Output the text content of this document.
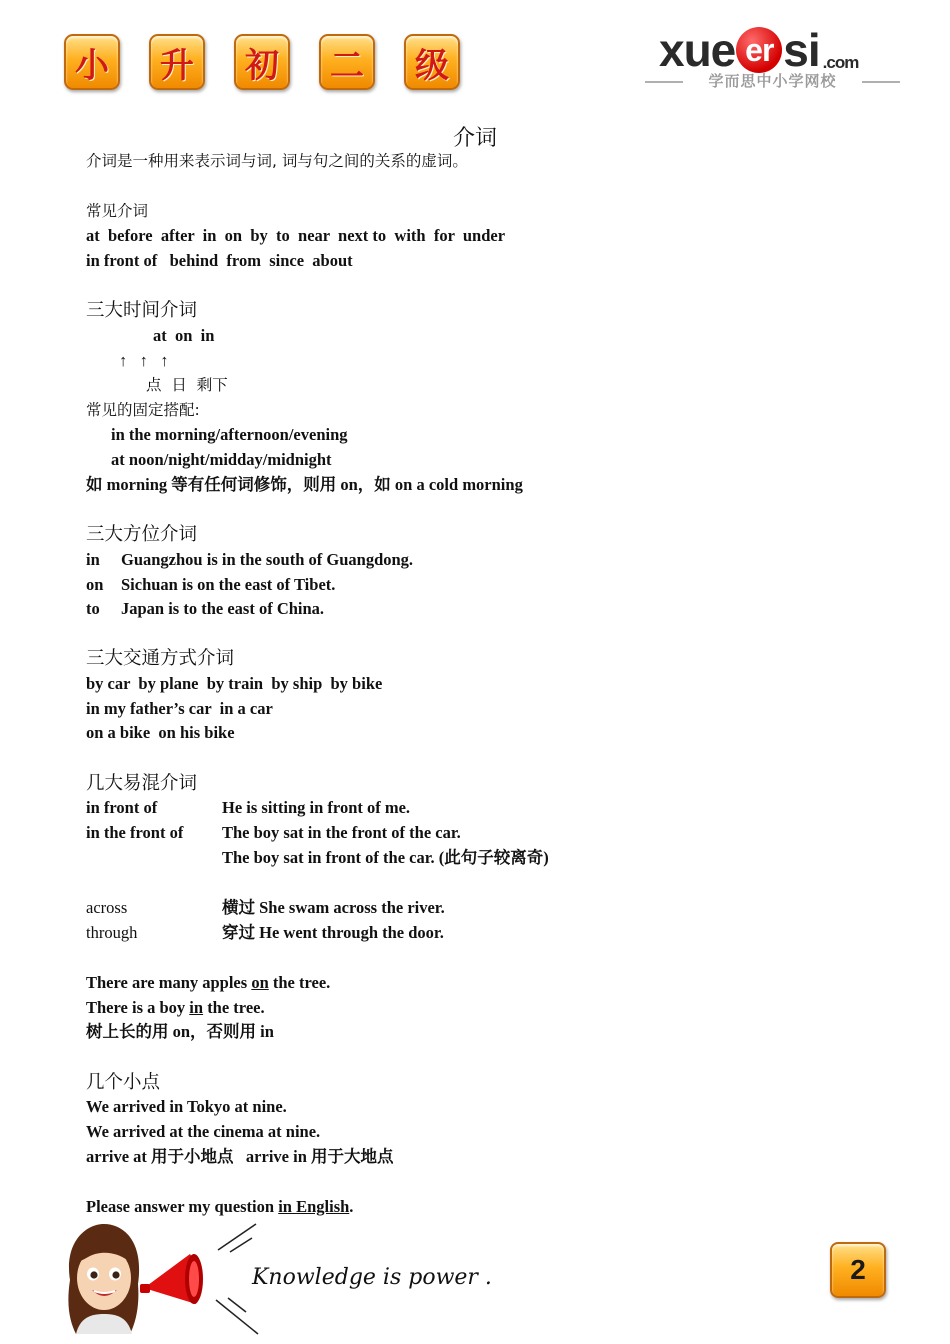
小	升	初	二	级	xue er si .com
学而思中小学网校
介词
介词是一种用来表示词与词, 词与句之间的关系的虚词。
常见介词
at  before  after  in  on  by  to  near  next to  with  for  under
in front of   behind  from  since  about
三大时间介词
at  on  in
↑   ↑   ↑
点  日  剩下
常见的固定搭配:
in the morning/afternoon/evening
at noon/night/midday/midnight
如 morning 等有任何词修饰，则用 on，如 on a cold morning
三大方位介词
in Guangzhou is in the south of Guangdong.
on Sichuan is on the east of Tibet.
to Japan is to the east of China.
三大交通方式介词
by car  by plane  by train  by ship  by bike
in my father’s car  in a car
on a bike  on his bike
几大易混介词
in front of	He is sitting in front of me.
in the front of The boy sat in the front of the car.
The boy sat in front of the car. (此句子较离奇)
across	横过 She swam across the river.
through	穿过 He went through the door.
There are many apples on the tree.
There is a boy in the tree.
树上长的用 on，否则用 in
几个小点
We arrived in Tokyo at nine.
We arrived at the cinema at nine.
arrive at 用于小地点   arrive in 用于大地点
Please answer my question in English.
Knowledge is power .	2
